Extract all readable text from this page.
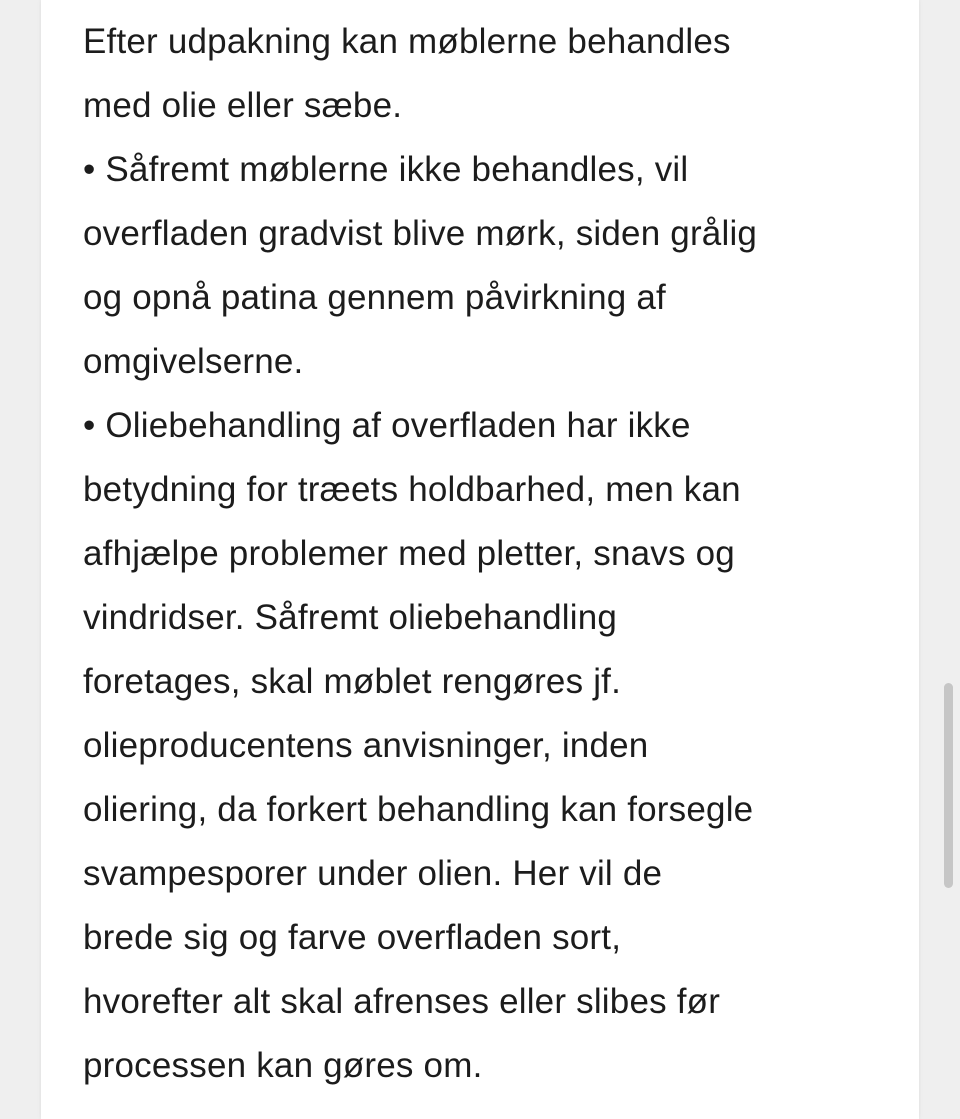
Efter udpakning kan møblerne behandles
med olie eller sæbe.
• Såfremt møblerne ikke behandles, vil
overfladen gradvist blive mørk, siden grålig
og opnå patina gennem påvirkning af
omgivelserne.
• Oliebehandling af overfladen har ikke
betydning for træets holdbarhed, men kan
afhjælpe problemer med pletter, snavs og
vindridser. Såfremt oliebehandling
foretages, skal møblet rengøres jf.
olieproducentens anvisninger, inden
oliering, da forkert behandling kan forsegle
svampesporer under olien. Her vil de
brede sig og farve overfladen sort,
hvorefter alt skal afrenses eller slibes før
processen kan gøres om.
